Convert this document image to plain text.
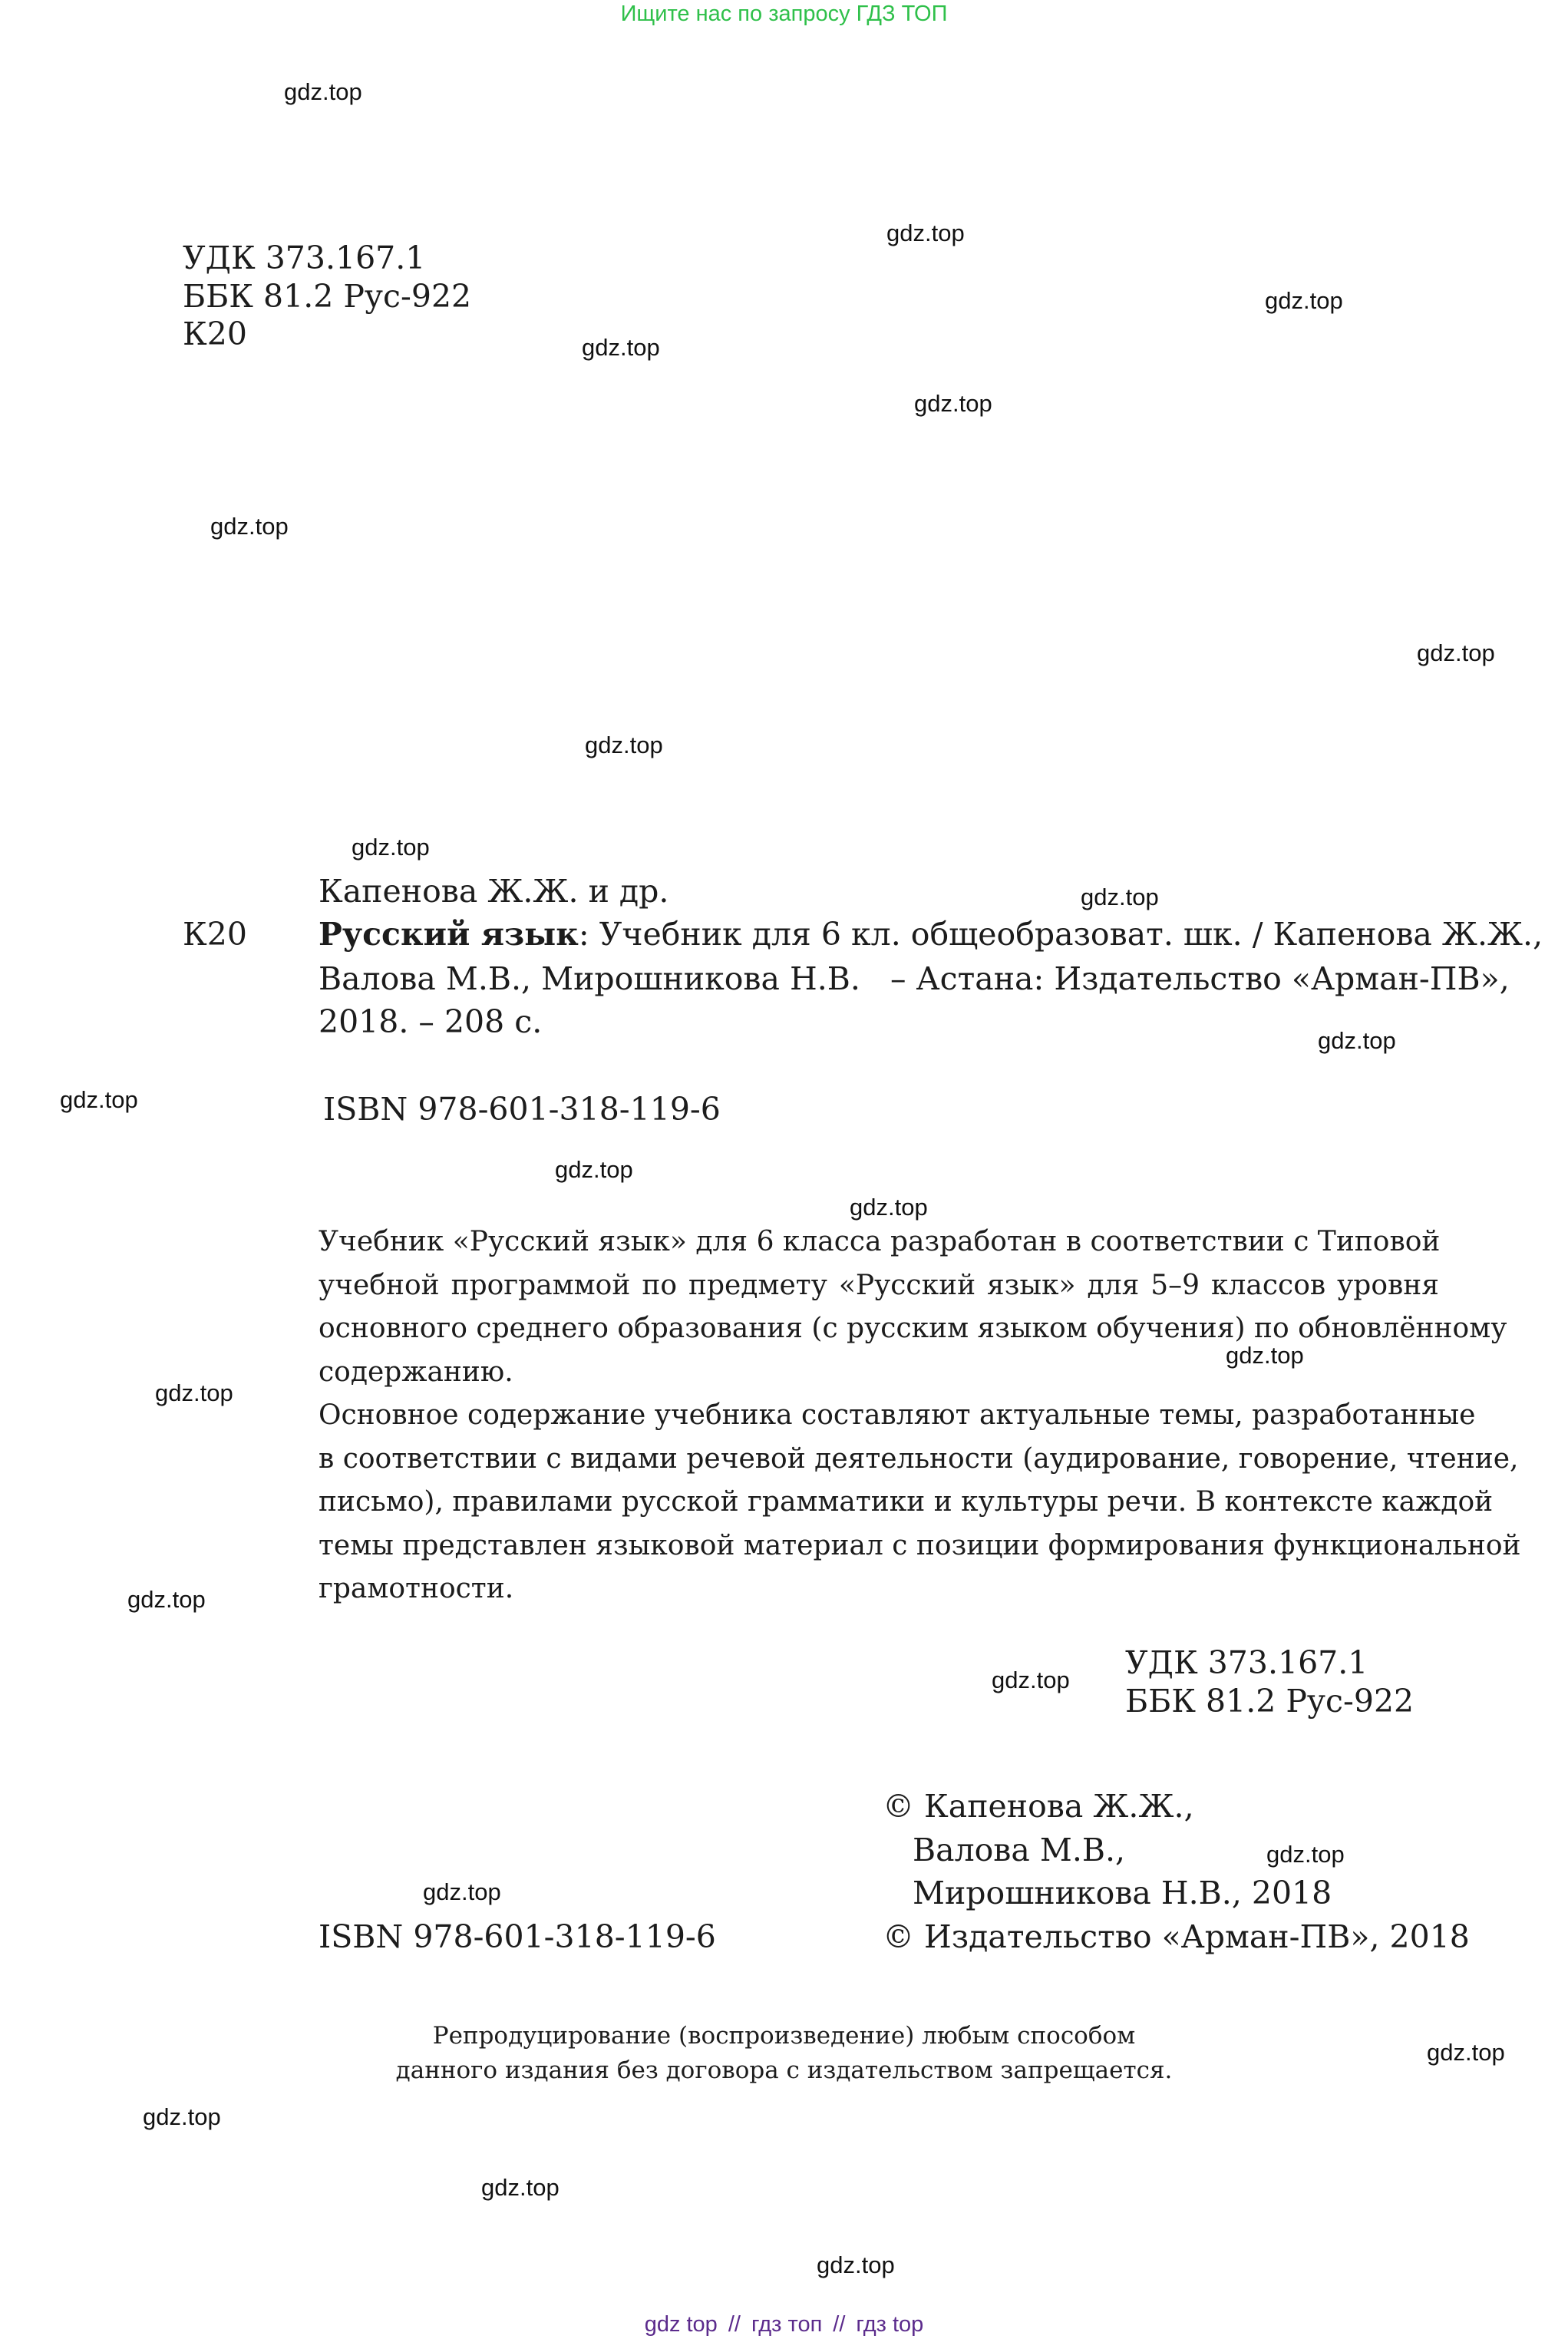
Ищите нас по запросу ГДЗ ТОП
УДК 373.167.1
ББК 81.2 Рус-922
К20
Капенова Ж.Ж. и др.
К20 Русский язык: Учебник для 6 кл. общеобразоват. шк. / Капенова Ж.Ж.,
Валова М.В., Мирошникова Н.В.   – Астана: Издательство «Арман-ПВ»,
2018. – 208 с.
ISBN 978-601-318-119-6
Учебник «Русский язык» для 6 класса разработан в соответствии с Типовой
учебной программой по предмету «Русский язык» для 5–9 классов уровня
основного среднего образования (с русским языком обучения) по обновлённому
содержанию.
Основное содержание учебника составляют актуальные темы, разработанные
в соответствии с видами речевой деятельности (аудирование, говорение, чтение,
письмо), правилами русской грамматики и культуры речи. В контексте каждой
темы представлен языковой материал с позиции формирования функциональной
грамотности.
УДК 373.167.1
ББК 81.2 Рус-922
© Капенова Ж.Ж.,
Валова М.В.,
Мирошникова Н.В., 2018
ISBN 978-601-318-119-6	© Издательство «Арман-ПВ», 2018
Репродуцирование (воспроизведение) любым способом
данного издания без договора с издательством запрещается.
gdz.top
gdz.top
gdz.top
gdz.top
gdz.top
gdz.top
gdz.top
gdz.top
gdz.top
gdz.top
gdz.top
gdz.top
gdz.top
gdz.top
gdz.top
gdz.top
gdz.top
gdz.top
gdz.top
gdz.top
gdz.top
gdz.top
gdz.top
gdz.top
gdz top // гдз топ // гдз top
